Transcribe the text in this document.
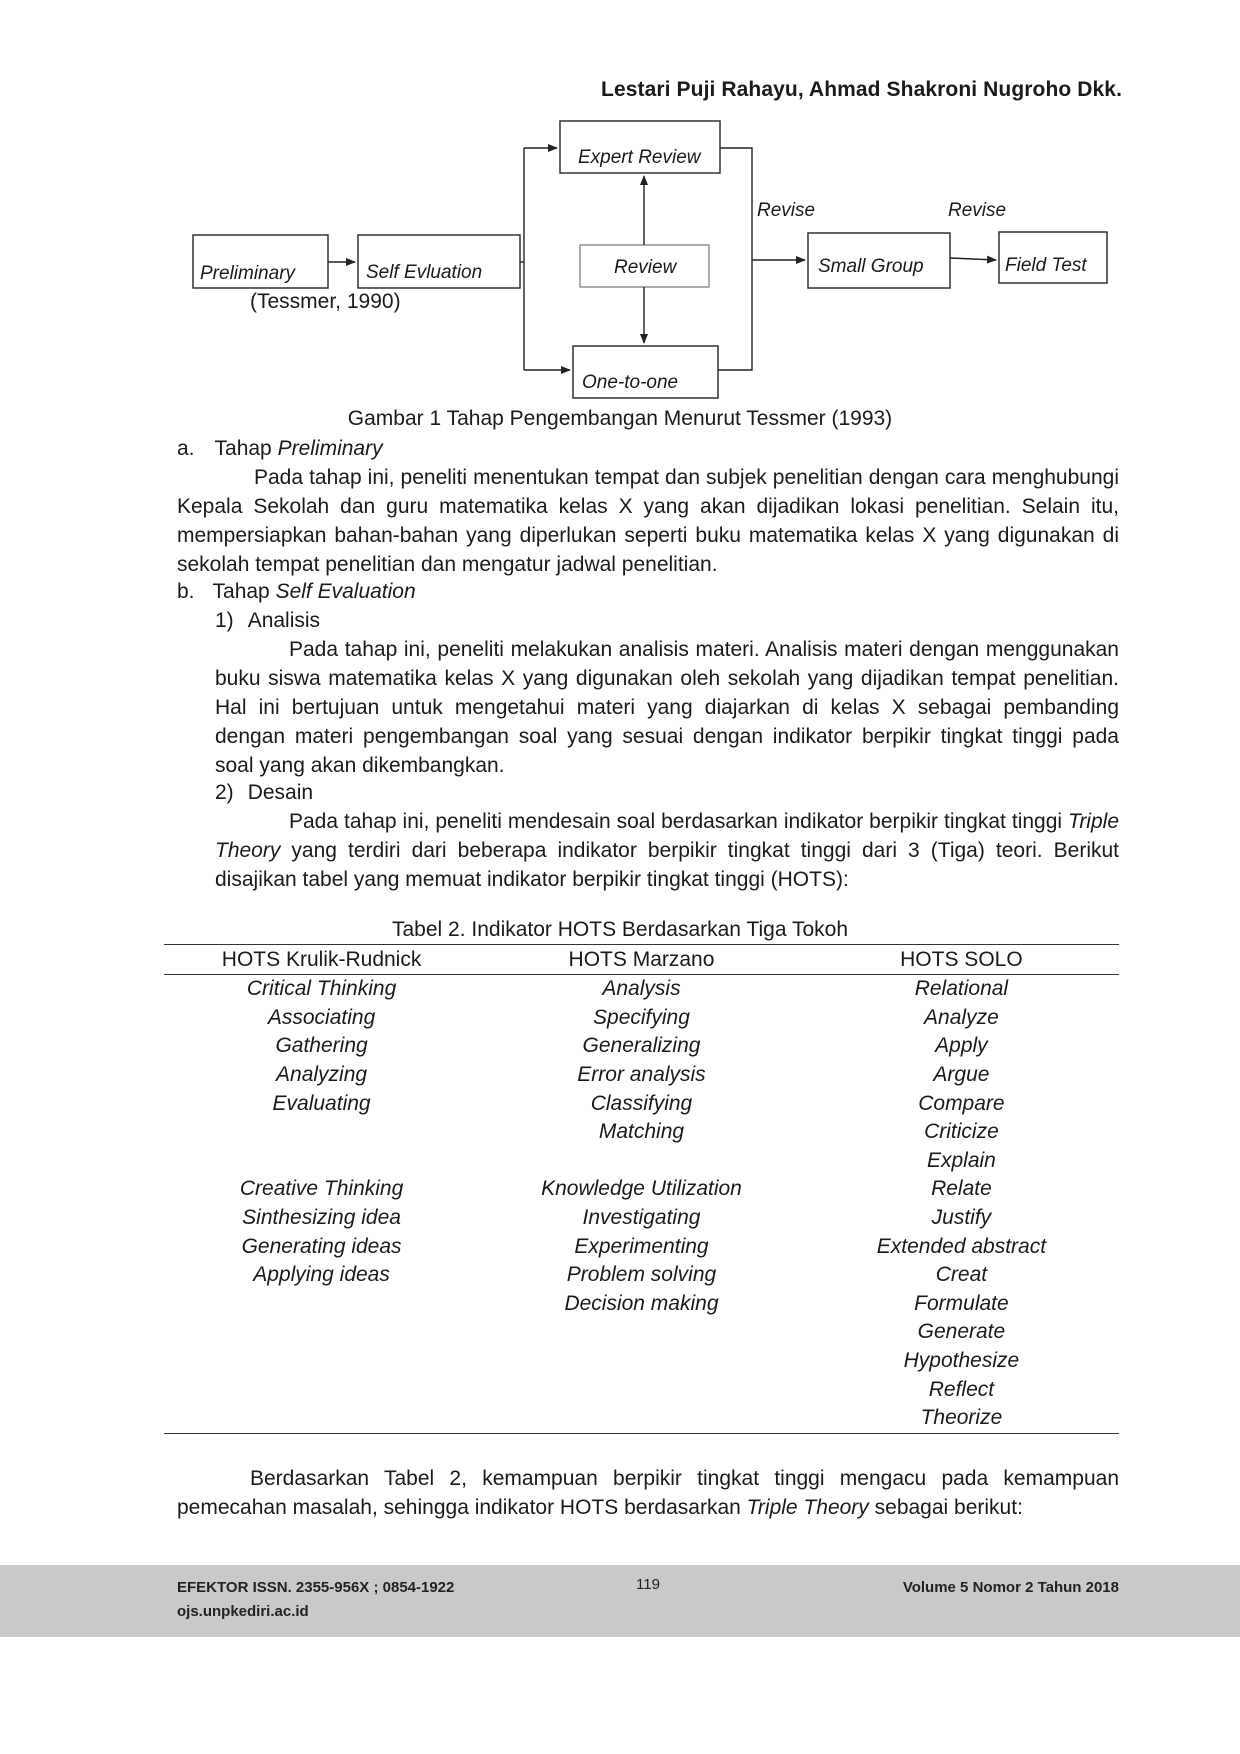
Lestari Puji Rahayu, Ahmad Shakroni Nugroho Dkk.
Preliminary	Self Evluation
Expert Review
Review
One-to-one
Small Group	Field Test
Revise	Revise
(Tessmer, 1990)
Gambar 1 Tahap Pengembangan Menurut Tessmer (1993)
a. Tahap Preliminary
Pada tahap ini, peneliti menentukan tempat dan subjek penelitian dengan cara menghubungi Kepala Sekolah dan guru matematika kelas X yang akan dijadikan lokasi penelitian. Selain itu, mempersiapkan bahan-bahan yang diperlukan seperti buku matematika kelas X yang digunakan di sekolah tempat penelitian dan mengatur jadwal penelitian.
b. Tahap Self Evaluation
1) Analisis
Pada tahap ini, peneliti melakukan analisis materi. Analisis materi dengan menggunakan buku siswa matematika kelas X yang digunakan oleh sekolah yang dijadikan tempat penelitian. Hal ini bertujuan untuk mengetahui materi yang diajarkan di kelas X sebagai pembanding dengan materi pengembangan soal yang sesuai dengan indikator berpikir tingkat tinggi pada soal yang akan dikembangkan.
2) Desain
Pada tahap ini, peneliti mendesain soal berdasarkan indikator berpikir tingkat tinggi Triple Theory yang terdiri dari beberapa indikator berpikir tingkat tinggi dari 3 (Tiga) teori. Berikut disajikan tabel yang memuat indikator berpikir tingkat tinggi (HOTS):
Tabel 2. Indikator HOTS Berdasarkan Tiga Tokoh
HOTS Krulik-Rudnick	HOTS Marzano	HOTS SOLO
Critical Thinking	Analysis	Relational
Associating	Specifying	Analyze
Gathering	Generalizing	Apply
Analyzing	Error analysis	Argue
Evaluating	Classifying	Compare
	Matching	Criticize
		Explain
Creative Thinking	Knowledge Utilization	Relate
Sinthesizing idea	Investigating	Justify
Generating ideas	Experimenting	Extended abstract
Applying ideas	Problem solving	Creat
	Decision making	Formulate
		Generate
		Hypothesize
		Reflect
		Theorize
Berdasarkan Tabel 2, kemampuan berpikir tingkat tinggi mengacu pada kemampuan pemecahan masalah, sehingga indikator HOTS berdasarkan Triple Theory sebagai berikut:
EFEKTOR ISSN. 2355-956X ; 0854-1922
ojs.unpkediri.ac.id
119	Volume 5 Nomor 2 Tahun 2018
